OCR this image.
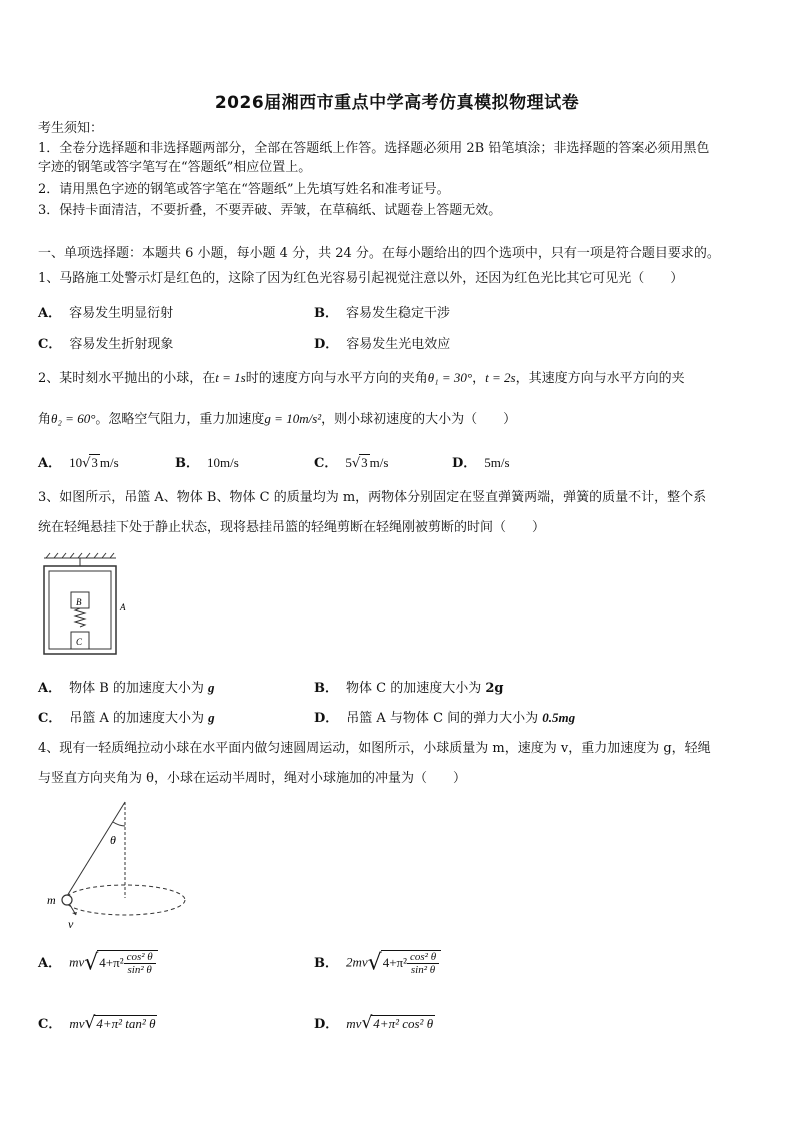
2026届湘西市重点中学高考仿真模拟物理试卷
考生须知：
1．全卷分选择题和非选择题两部分，全部在答题纸上作答。选择题必须用 2B 铅笔填涂；非选择题的答案必须用黑色
字迹的钢笔或答字笔写在“答题纸”相应位置上。
2．请用黑色字迹的钢笔或答字笔在“答题纸”上先填写姓名和准考证号。
3．保持卡面清洁，不要折叠，不要弄破、弄皱，在草稿纸、试题卷上答题无效。
一、单项选择题：本题共 6 小题，每小题 4 分，共 24 分。在每小题给出的四个选项中，只有一项是符合题目要求的。
1、马路施工处警示灯是红色的，这除了因为红色光容易引起视觉注意以外，还因为红色光比其它可见光（　　）
A． 容易发生明显衍射	B． 容易发生稳定干涉
C． 容易发生折射现象	D． 容易发生光电效应
2、某时刻水平抛出的小球，在t = 1s时的速度方向与水平方向的夹角θ₁ = 30°，t = 2s，其速度方向与水平方向的夹
角θ₂ = 60°。忽略空气阻力，重力加速度g = 10m/s²，则小球初速度的大小为（　　）
A． 10√3 m/s	B． 10m/s	C． 5√3 m/s	D． 5m/s
3、如图所示，吊篮 A、物体 B、物体 C 的质量均为 m，两物体分别固定在竖直弹簧两端，弹簧的质量不计，整个系
统在轻绳悬挂下处于静止状态，现将悬挂吊篮的轻绳剪断在轻绳刚被剪断的时间（　　）
B
C
A
A． 物体 B 的加速度大小为 g	B． 物体 C 的加速度大小为 2g
C． 吊篮 A 的加速度大小为 g	D． 吊篮 A 与物体 C 间的弹力大小为 0.5mg
4、现有一轻质绳拉动小球在水平面内做匀速圆周运动，如图所示，小球质量为 m，速度为 v，重力加速度为 g，轻绳
与竖直方向夹角为 θ，小球在运动半周时，绳对小球施加的冲量为（　　）
θ
m
v
A． $mv√4+\pi^2 \frac{\text{cos² θ}}{\text{sin² θ}}$	B． $2mv√4+\pi^2 \frac{\text{cos² θ}}{\text{sin² θ}}$
C． mv√4+π² tan² θ	D． mv√4+π² cos² θ
